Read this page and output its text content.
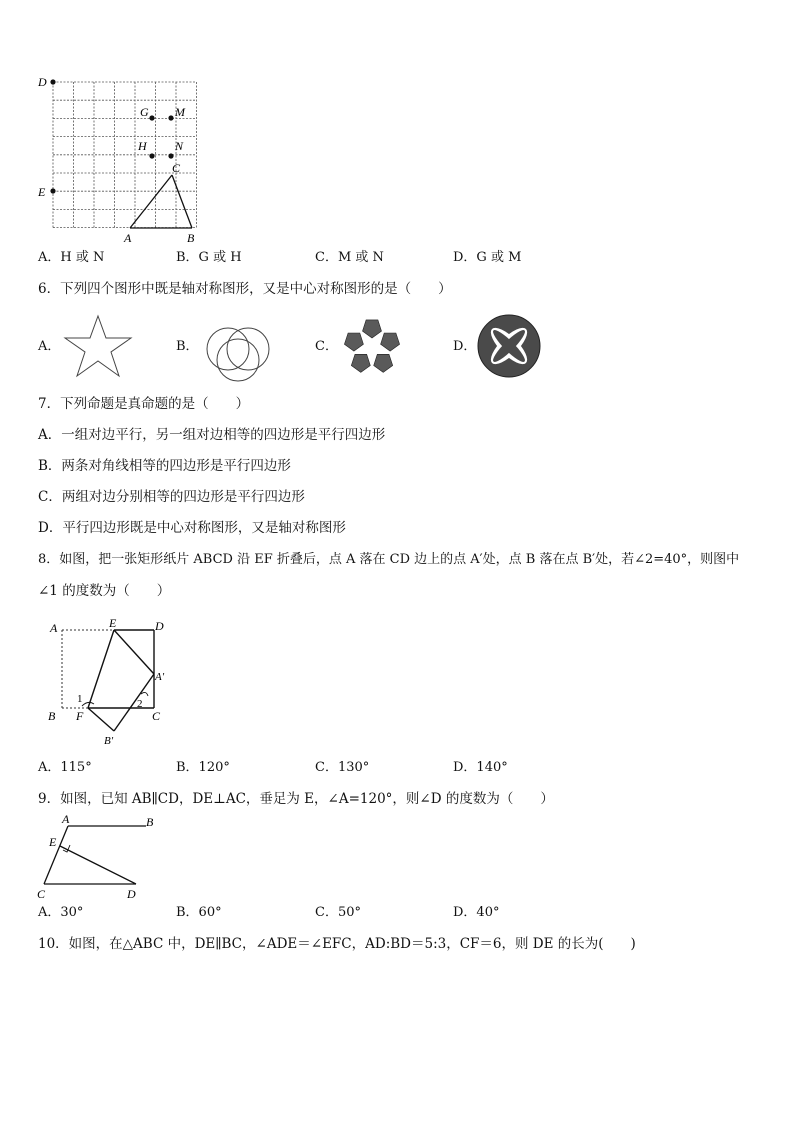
D
G M
H N
C
E
A	B
A．H 或 N	B．G 或 H	C．M 或 N	D．G 或 M
6．下列四个图形中既是轴对称图形，又是中心对称图形的是（　　）
A．	B．	C．	D．
7．下列命题是真命题的是（　　）
A．一组对边平行，另一组对边相等的四边形是平行四边形
B．两条对角线相等的四边形是平行四边形
C．两组对边分别相等的四边形是平行四边形
D．平行四边形既是中心对称图形，又是轴对称图形
8．如图，把一张矩形纸片 ABCD 沿 EF 折叠后，点 A 落在 CD 边上的点 A′处，点 B 落在点 B′处，若∠2=40°，则图中
∠1 的度数为（　　）
A	E	D
A′
1	2
B F	C
B′
A．115°	B．120°	C．130°	D．140°
9．如图，已知 AB∥CD，DE⊥AC，垂足为 E，∠A=120°，则∠D 的度数为（　　）
A	B
E
C	D
A．30°	B．60°	C．50°	D．40°
10．如图，在△ABC 中，DE∥BC，∠ADE＝∠EFC，AD:BD＝5:3，CF＝6，则 DE 的长为(　　)
